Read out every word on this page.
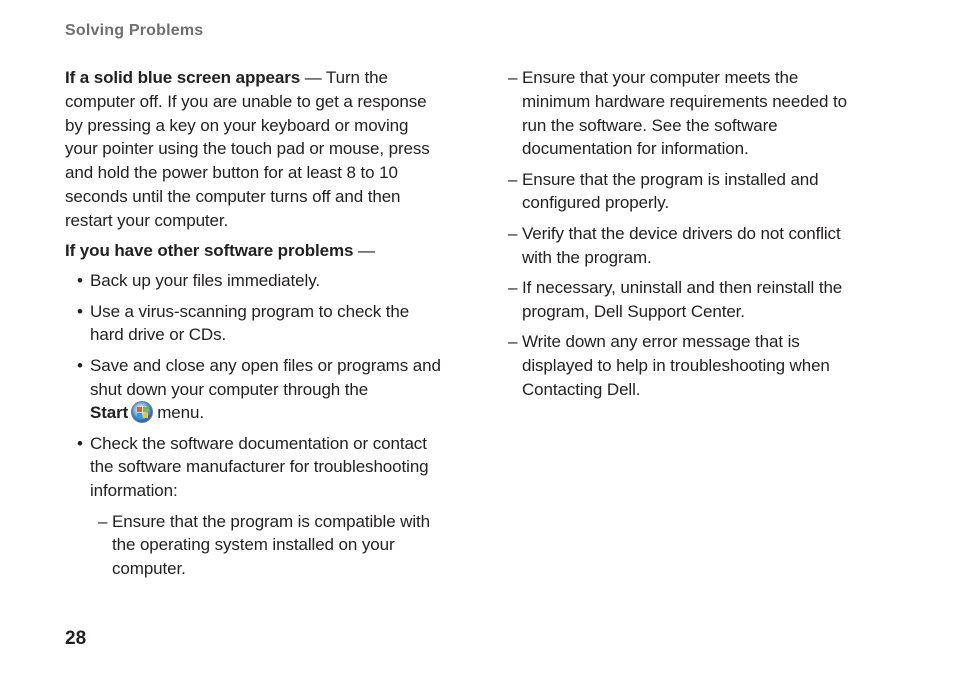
Solving Problems

If a solid blue screen appears — Turn the computer off. If you are unable to get a response by pressing a key on your keyboard or moving your pointer using the touch pad or mouse, press and hold the power button for at least 8 to 10 seconds until the computer turns off and then restart your computer.

If you have other software problems —

• Back up your files immediately.
• Use a virus-scanning program to check the hard drive or CDs.
• Save and close any open files or programs and shut down your computer through the
Start menu.
• Check the software documentation or contact the software manufacturer for troubleshooting information:
– Ensure that the program is compatible with the operating system installed on your computer.
– Ensure that your computer meets the minimum hardware requirements needed to run the software. See the software documentation for information.
– Ensure that the program is installed and configured properly.
– Verify that the device drivers do not conflict with the program.
– If necessary, uninstall and then reinstall the program, Dell Support Center.
– Write down any error message that is displayed to help in troubleshooting when Contacting Dell.
28
